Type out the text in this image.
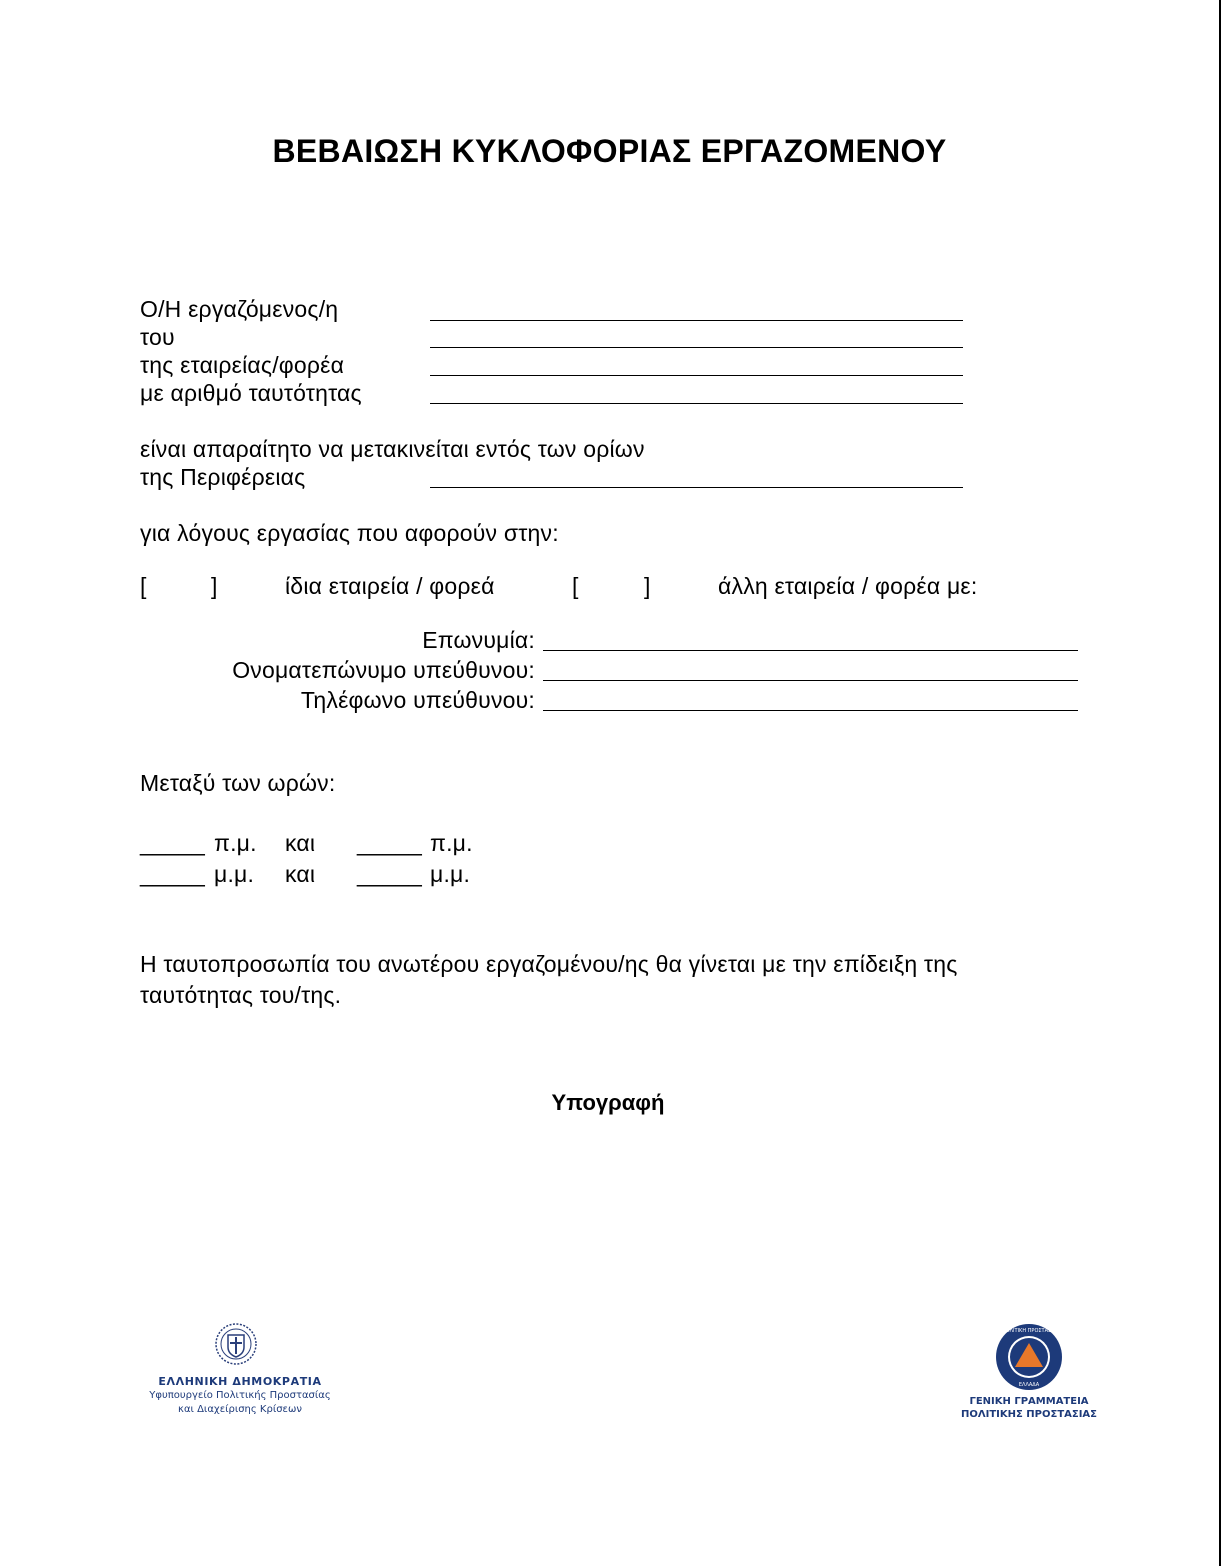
ΒΕΒΑΙΩΣΗ ΚΥΚΛΟΦΟΡΙΑΣ ΕΡΓΑΖΟΜΕΝΟΥ
Ο/Η εργαζόμενος/η
του
της εταιρείας/φορέα
με αριθμό ταυτότητας
είναι απαραίτητο να μετακινείται εντός των ορίων
της Περιφέρειας
για λόγους εργασίας που αφορούν στην:
[	]	ίδια εταιρεία / φορεά	[	]	άλλη εταιρεία / φορέα με:
Επωνυμία:
Ονοματεπώνυμο υπεύθυνου:
Τηλέφωνο υπεύθυνου:
Μεταξύ των ωρών:
_____ π.μ. και _____ π.μ.
_____ μ.μ. και _____ μ.μ.
Η ταυτοπροσωπία του ανωτέρου εργαζομένου/ης θα γίνεται με την επίδειξη της
ταυτότητας του/της.
Υπογραφή
ΕΛΛΗΝΙΚΗ ΔΗΜΟΚΡΑΤΙΑ
Υφυπουργείο Πολιτικής Προστασίας
και Διαχείρισης Κρίσεων
ΠΟΛΙΤΙΚΗ ΠΡΟΣΤΑΣΙΑ
ΕΛΛΑΔΑ
ΓΕΝΙΚΗ ΓΡΑΜΜΑΤΕΙΑ
ΠΟΛΙΤΙΚΗΣ ΠΡΟΣΤΑΣΙΑΣ
